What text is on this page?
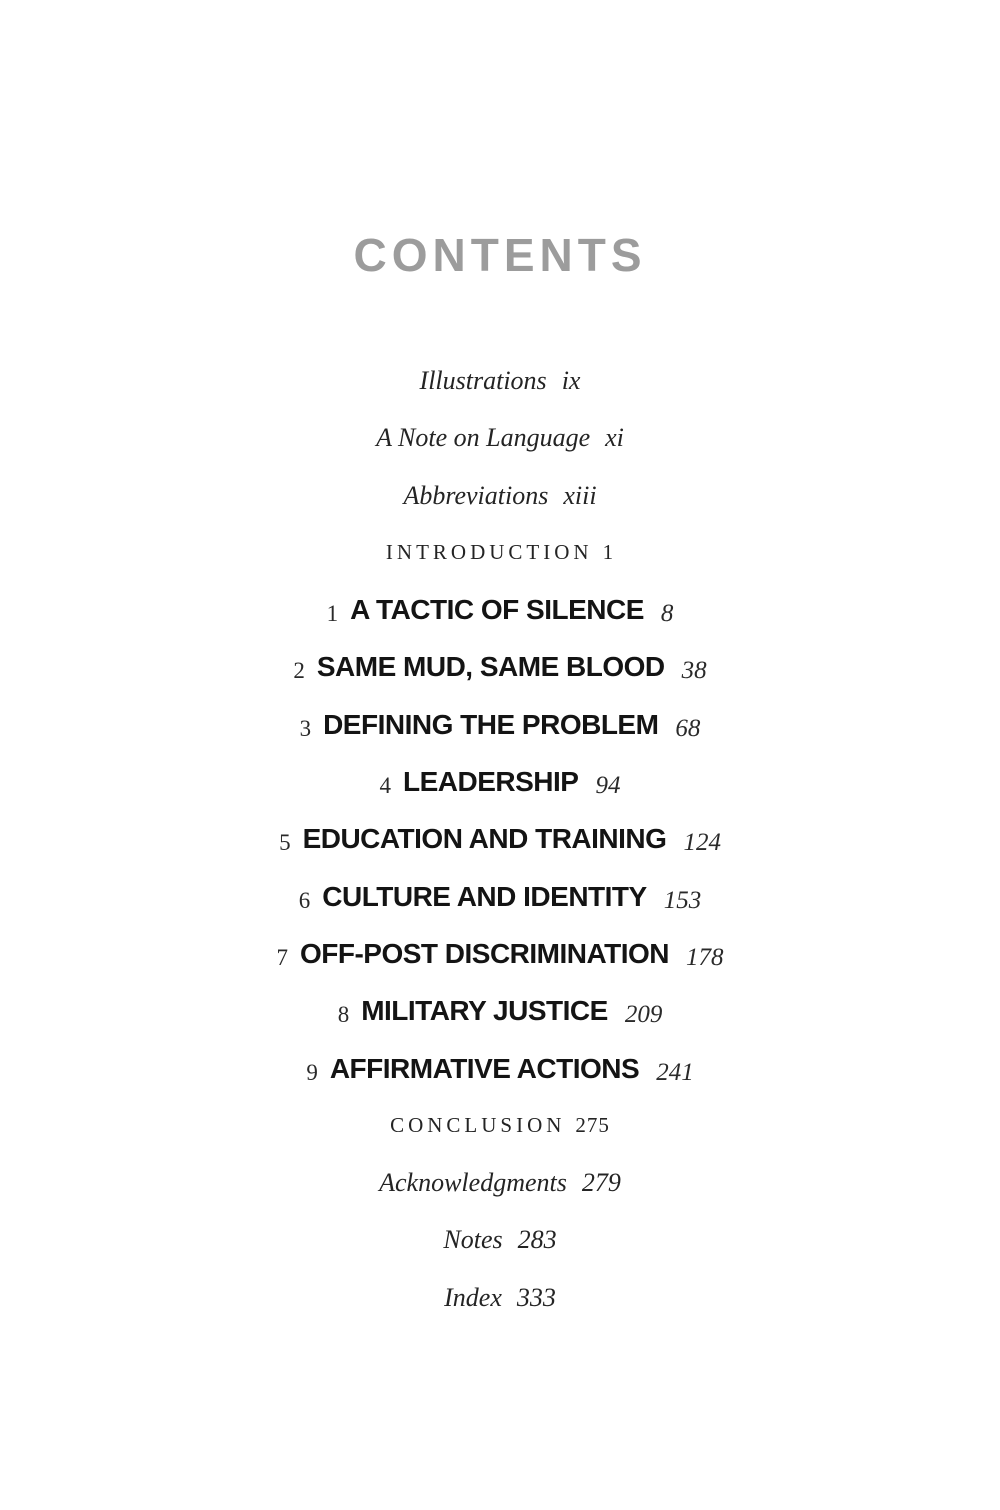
CONTENTS
Illustrations ix
A Note on Language xi
Abbreviations xiii
INTRODUCTION 1
1 A TACTIC OF SILENCE 8
2 SAME MUD, SAME BLOOD 38
3 DEFINING THE PROBLEM 68
4 LEADERSHIP 94
5 EDUCATION AND TRAINING 124
6 CULTURE AND IDENTITY 153
7 OFF-POST DISCRIMINATION 178
8 MILITARY JUSTICE 209
9 AFFIRMATIVE ACTIONS 241
CONCLUSION 275
Acknowledgments 279
Notes 283
Index 333
